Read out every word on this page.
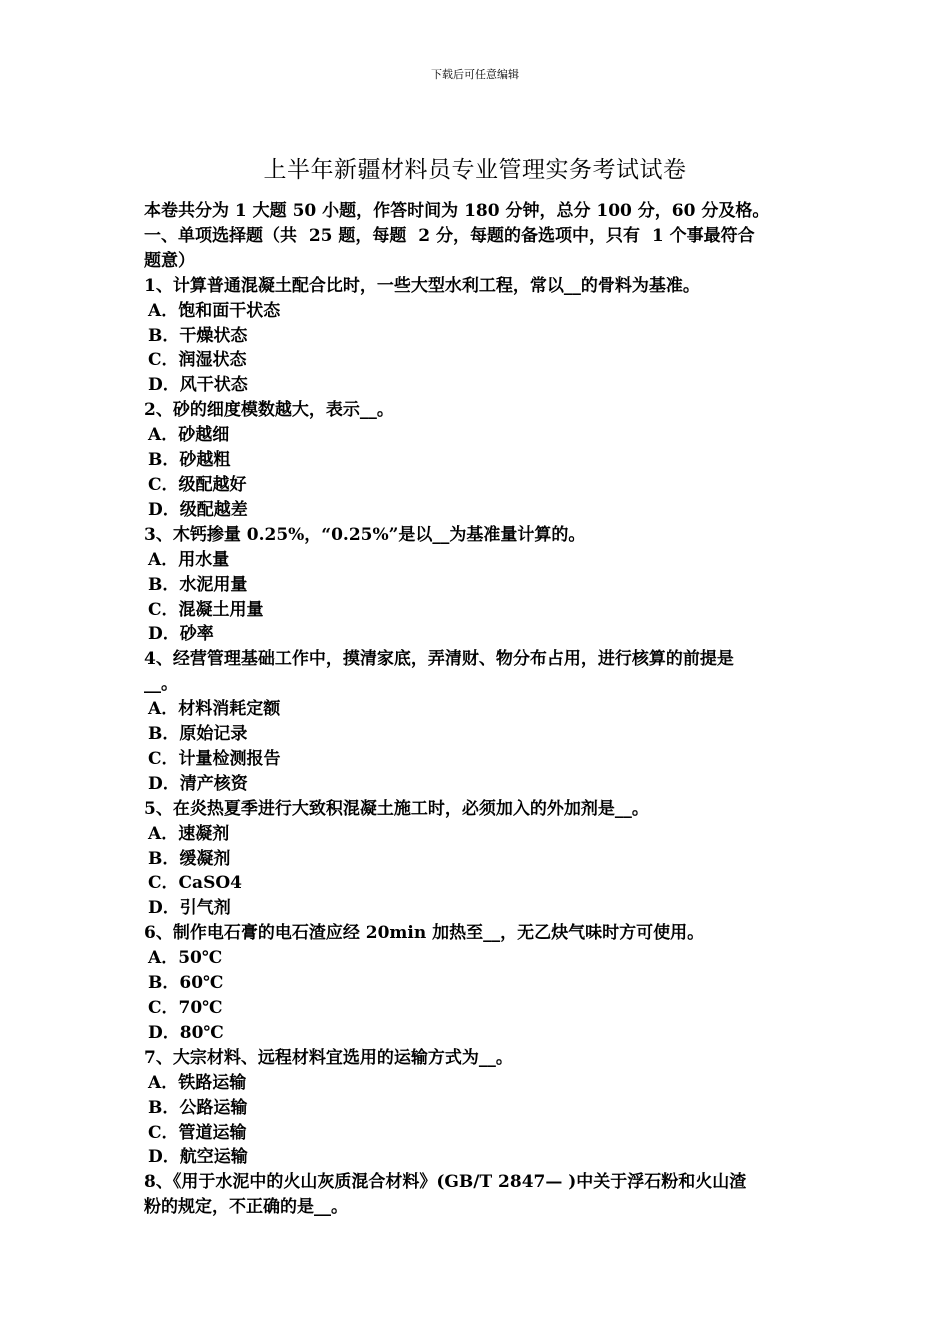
下载后可任意编辑
上半年新疆材料员专业管理实务考试试卷

本卷共分为 1 大题 50 小题，作答时间为 180 分钟，总分 100 分，60 分及格。

一、单项选择题（共  25 题，每题  2 分，每题的备选项中，只有  1 个事最符合

题意）

1、计算普通混凝土配合比时，一些大型水利工程，常以__的骨料为基准。

A．饱和面干状态

B．干燥状态

C．润湿状态

D．风干状态

2、砂的细度模数越大，表示__。

A．砂越细

B．砂越粗

C．级配越好

D．级配越差

3、木钙掺量 0.25%，“0.25%”是以__为基准量计算的。

A．用水量

B．水泥用量

C．混凝土用量

D．砂率

4、经营管理基础工作中，摸清家底，弄清财、物分布占用，进行核算的前提是

__。

A．材料消耗定额

B．原始记录

C．计量检测报告

D．清产核资

5、在炎热夏季进行大致积混凝土施工时，必须加入的外加剂是__。

A．速凝剂

B．缓凝剂

C．CaSO4

D．引气剂

6、制作电石膏的电石渣应经 20min 加热至__，无乙炔气味时方可使用。

A．50℃

B．60℃

C．70℃

D．80℃

7、大宗材料、远程材料宜选用的运输方式为__。

A．铁路运输

B．公路运输

C．管道运输

D．航空运输

8、《用于水泥中的火山灰质混合材料》(GB/T 2847— )中关于浮石粉和火山渣

粉的规定，不正确的是__。
